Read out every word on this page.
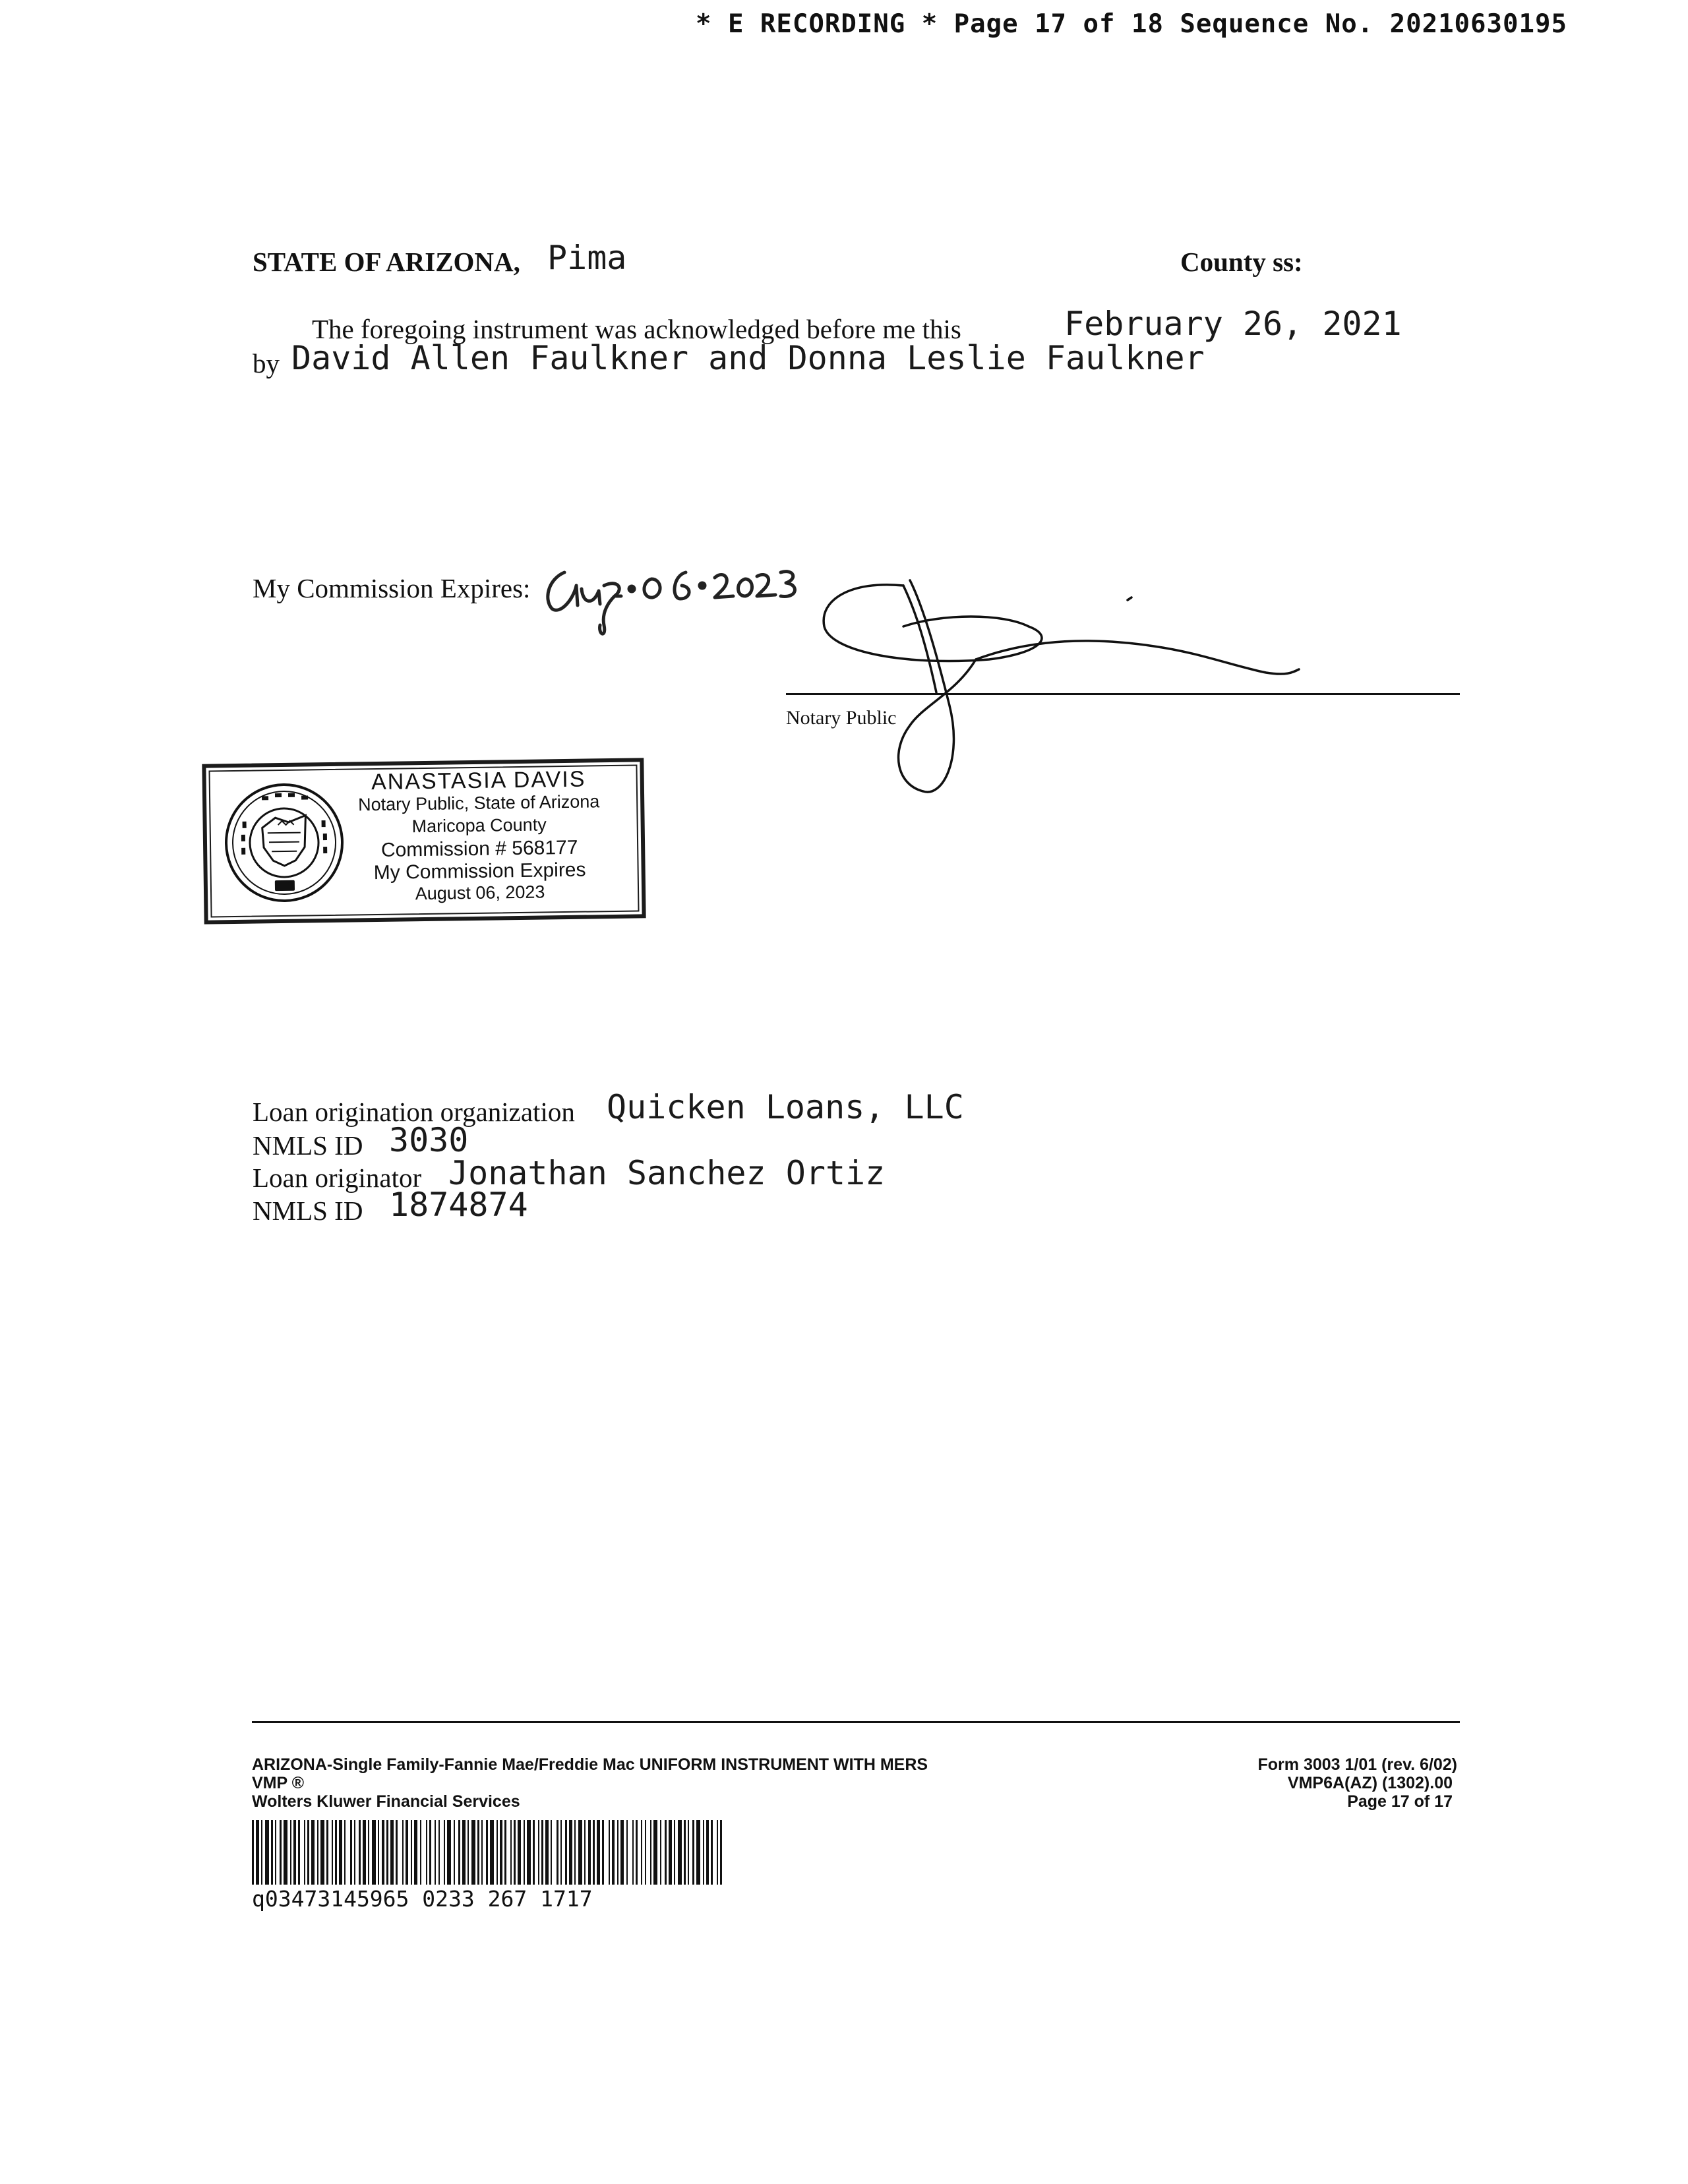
* E RECORDING * Page 17 of 18 Sequence No. 20210630195
STATE OF ARIZONA, Pima	County ss:
The foregoing instrument was acknowledged before me this	February 26, 2021
by David Allen Faulkner and Donna Leslie Faulkner
My Commission Expires:
Notary Public
ANASTASIA DAVIS
Notary Public, State of Arizona
Maricopa County
Commission # 568177
My Commission Expires
August 06, 2023
Loan origination organization Quicken Loans, LLC
NMLS ID 3030
Loan originator Jonathan Sanchez Ortiz
NMLS ID 1874874
ARIZONA-Single Family-Fannie Mae/Freddie Mac UNIFORM INSTRUMENT WITH MERS
VMP ®
Wolters Kluwer Financial Services
Form 3003 1/01 (rev. 6/02)
VMP6A(AZ) (1302).00
Page 17 of 17
q03473145965 0233 267 1717
